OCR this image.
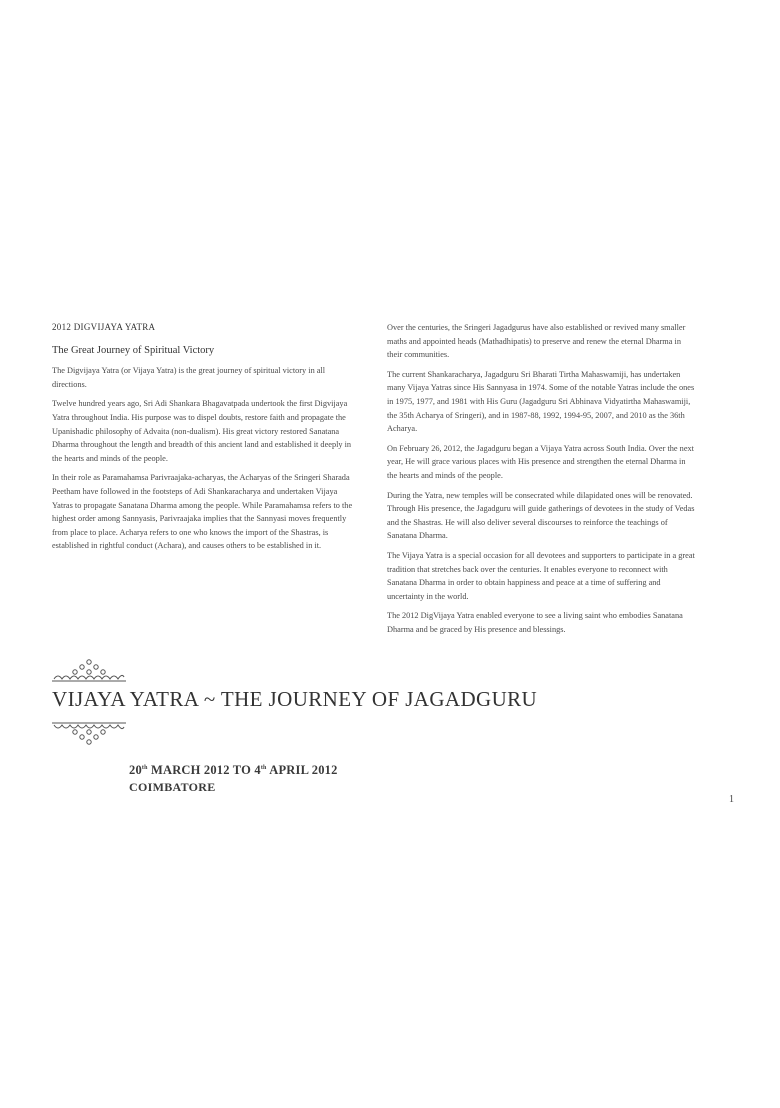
2012 DIGVIJAYA YATRA
The Great Journey of Spiritual Victory

The Digvijaya Yatra (or Vijaya Yatra) is the great journey of spiritual victory in all directions.

Twelve hundred years ago, Sri Adi Shankara Bhagavatpada undertook the first Digvijaya Yatra throughout India. His purpose was to dispel doubts, restore faith and propagate the Upanishadic philosophy of Advaita (non-dualism). His great victory restored Sanatana Dharma throughout the length and breadth of this ancient land and established it deeply in the hearts and minds of the people.

In their role as Paramahamsa Parivraajaka-acharyas, the Acharyas of the Sringeri Sharada Peetham have followed in the footsteps of Adi Shankaracharya and undertaken Vijaya Yatras to propagate Sanatana Dharma among the people. While Paramahamsa refers to the highest order among Sannyasis, Parivraajaka implies that the Sannyasi moves frequently from place to place. Acharya refers to one who knows the import of the Shastras, is established in rightful conduct (Achara), and causes others to be established in it.

Over the centuries, the Sringeri Jagadgurus have also established or revived many smaller maths and appointed heads (Mathadhipatis) to preserve and renew the eternal Dharma in their communities.

The current Shankaracharya, Jagadguru Sri Bharati Tirtha Mahaswamiji, has undertaken many Vijaya Yatras since His Sannyasa in 1974. Some of the notable Yatras include the ones in 1975, 1977, and 1981 with His Guru (Jagadguru Sri Abhinava Vidyatirtha Mahaswamiji, the 35th Acharya of Sringeri), and in 1987-88, 1992, 1994-95, 2007, and 2010 as the 36th Acharya.

On February 26, 2012, the Jagadguru began a Vijaya Yatra across South India. Over the next year, He will grace various places with His presence and strengthen the eternal Dharma in the hearts and minds of the people.

During the Yatra, new temples will be consecrated while dilapidated ones will be renovated. Through His presence, the Jagadguru will guide gatherings of devotees in the study of Vedas and the Shastras. He will also deliver several discourses to reinforce the teachings of Sanatana Dharma.

The Vijaya Yatra is a special occasion for all devotees and supporters to participate in a great tradition that stretches back over the centuries. It enables everyone to reconnect with Sanatana Dharma in order to obtain happiness and peace at a time of suffering and uncertainty in the world.

The 2012 DigVijaya Yatra enabled everyone to see a living saint who embodies Sanatana Dharma and be graced by His presence and blessings.

VIJAYA YATRA ~ THE JOURNEY OF JAGADGURU
20th MARCH 2012 TO 4th APRIL 2012
COIMBATORE
1
